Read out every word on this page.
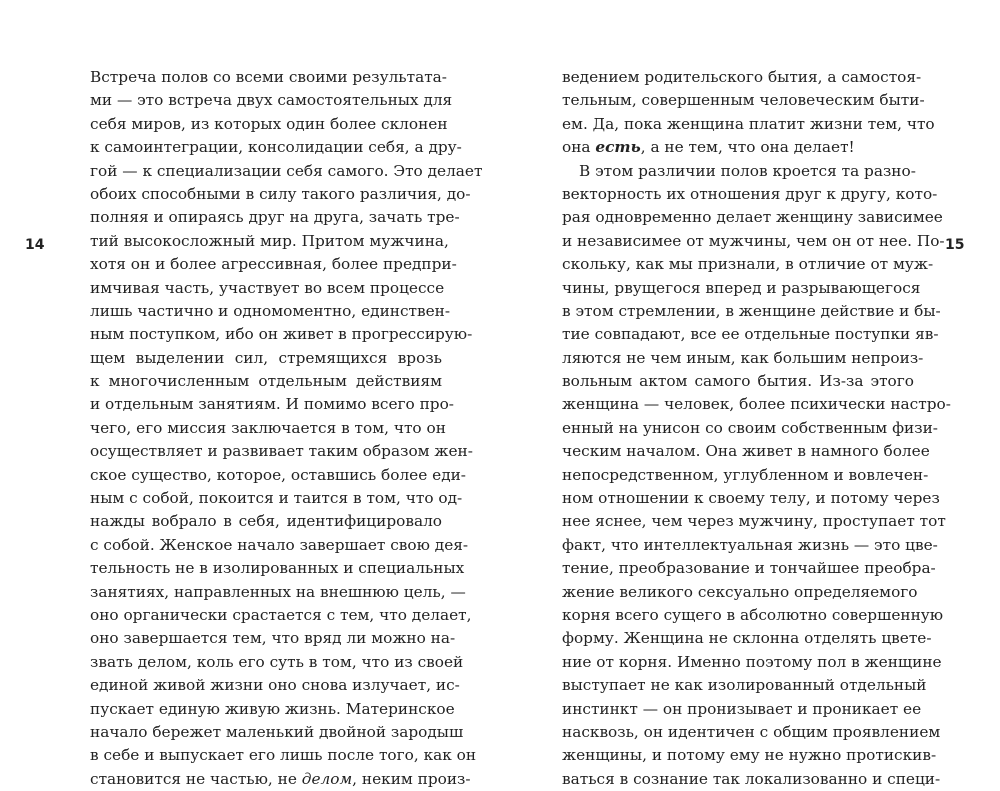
14	15
Встреча полов со всеми своими результата-
ми — это встреча двух самостоятельных для
себя миров, из которых один более склонен
к самоинтеграции, консолидации себя, а дру-
гой — к специализации себя самого. Это делает
обоих способными в силу такого различия, до-
полняя и опираясь друг на друга, зачать тре-
тий высокосложный мир. Притом мужчина,
хотя он и более агрессивная, более предпри-
имчивая часть, участвует во всем процессе
лишь частично и одномоментно, единствен-
ным поступком, ибо он живет в прогрессирую-
щем выделении сил, стремящихся врозь
к многочисленным отдельным действиям
и отдельным занятиям. И помимо всего про-
чего, его миссия заключается в том, что он
осуществляет и развивает таким образом жен-
ское существо, которое, оставшись более еди-
ным с собой, покоится и таится в том, что од-
нажды вобрало в себя, идентифицировало
с собой. Женское начало завершает свою дея-
тельность не в изолированных и специальных
занятиях, направленных на внешнюю цель, —
оно органически срастается с тем, что делает,
оно завершается тем, что вряд ли можно на-
звать делом, коль его суть в том, что из своей
единой живой жизни оно снова излучает, ис-
пускает единую живую жизнь. Материнское
начало бережет маленький двойной зародыш
в себе и выпускает его лишь после того, как он
становится не частью, не делом, неким произ-
ведением родительского бытия, а самостоя-
тельным, совершенным человеческим быти-
ем. Да, пока женщина платит жизни тем, что
она есть, а не тем, что она делает!
В этом различии полов кроется та разно-
векторность их отношения друг к другу, кото-
рая одновременно делает женщину зависимее
и независимее от мужчины, чем он от нее. По-
скольку, как мы признали, в отличие от муж-
чины, рвущегося вперед и разрывающегося
в этом стремлении, в женщине действие и бы-
тие совпадают, все ее отдельные поступки яв-
ляются не чем иным, как большим непроиз-
вольным актом самого бытия. Из-за этого
женщина — человек, более психически настро-
енный на унисон со своим собственным физи-
ческим началом. Она живет в намного более
непосредственном, углубленном и вовлечен-
ном отношении к своему телу, и потому через
нее яснее, чем через мужчину, проступает тот
факт, что интеллектуальная жизнь — это цве-
тение, преобразование и тончайшее преобра-
жение великого сексуально определяемого
корня всего сущего в абсолютно совершенную
форму. Женщина не склонна отделять цвете-
ние от корня. Именно поэтому пол в женщине
выступает не как изолированный отдельный
инстинкт — он пронизывает и проникает ее
насквозь, он идентичен с общим проявлением
женщины, и потому ему не нужно протискив-
ваться в сознание так локализованно и специ-
